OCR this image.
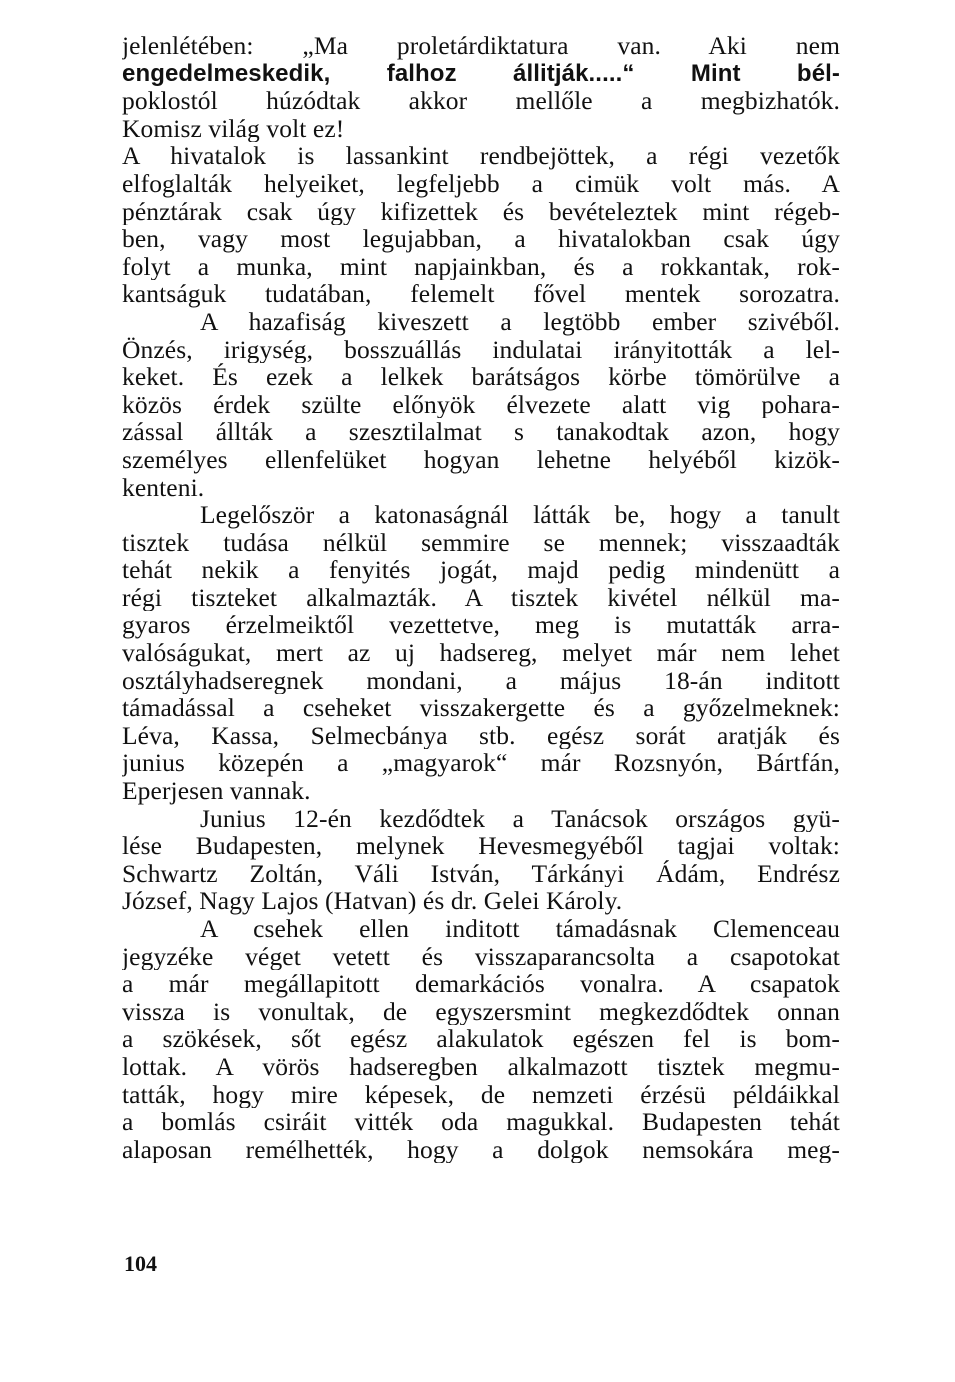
jelenlétében: „Ma proletárdiktatura van. Aki nem
engedelmeskedik, falhoz állitják.....“ Mint bél-
poklostól húzódtak akkor mellőle a megbizhatók.
Komisz világ volt ez!
A hivatalok is lassankint rendbejöttek, a régi vezetők
elfoglalták helyeiket, legfeljebb a cimük volt más. A
pénztárak csak úgy kifizettek és bevételeztek mint régeb-
ben, vagy most legujabban, a hivatalokban csak úgy
folyt a munka, mint napjainkban, és a rokkantak, rok-
kantságuk tudatában, felemelt fővel mentek sorozatra.
A hazafiság kiveszett a legtöbb ember szivéből.
Önzés, irigység, bosszuállás indulatai irányitották a lel-
keket. És ezek a lelkek barátságos körbe tömörülve a
közös érdek szülte előnyök élvezete alatt vig pohara-
zással állták a szesztilalmat s tanakodtak azon, hogy
személyes ellenfelüket hogyan lehetne helyéből kizök-
kenteni.
Legelőször a katonaságnál látták be, hogy a tanult
tisztek tudása nélkül semmire se mennek; visszaadták
tehát nekik a fenyités jogát, majd pedig mindenütt a
régi tiszteket alkalmazták. A tisztek kivétel nélkül ma-
gyaros érzelmeiktől vezettetve, meg is mutatták arra-
valóságukat, mert az uj hadsereg, melyet már nem lehet
osztályhadseregnek mondani, a május 18-án inditott
támadással a cseheket visszakergette és a győzelmeknek:
Léva, Kassa, Selmecbánya stb. egész sorát aratják és
junius közepén a „magyarok“ már Rozsnyón, Bártfán,
Eperjesen vannak.
Junius 12-én kezdődtek a Tanácsok országos gyü-
lése Budapesten, melynek Hevesmegyéből tagjai voltak:
Schwartz Zoltán, Váli István, Tárkányi Ádám, Endrész
József, Nagy Lajos (Hatvan) és dr. Gelei Károly.
A csehek ellen inditott támadásnak Clemenceau
jegyzéke véget vetett és visszaparancsolta a csapotokat
a már megállapitott demarkációs vonalra. A csapatok
vissza is vonultak, de egyszersmint megkezdődtek onnan
a szökések, sőt egész alakulatok egészen fel is bom-
lottak. A vörös hadseregben alkalmazott tisztek megmu-
tatták, hogy mire képesek, de nemzeti érzésü példáikkal
a bomlás csiráit vitték oda magukkal. Budapesten tehát
alaposan remélhették, hogy a dolgok nemsokára meg-
104
